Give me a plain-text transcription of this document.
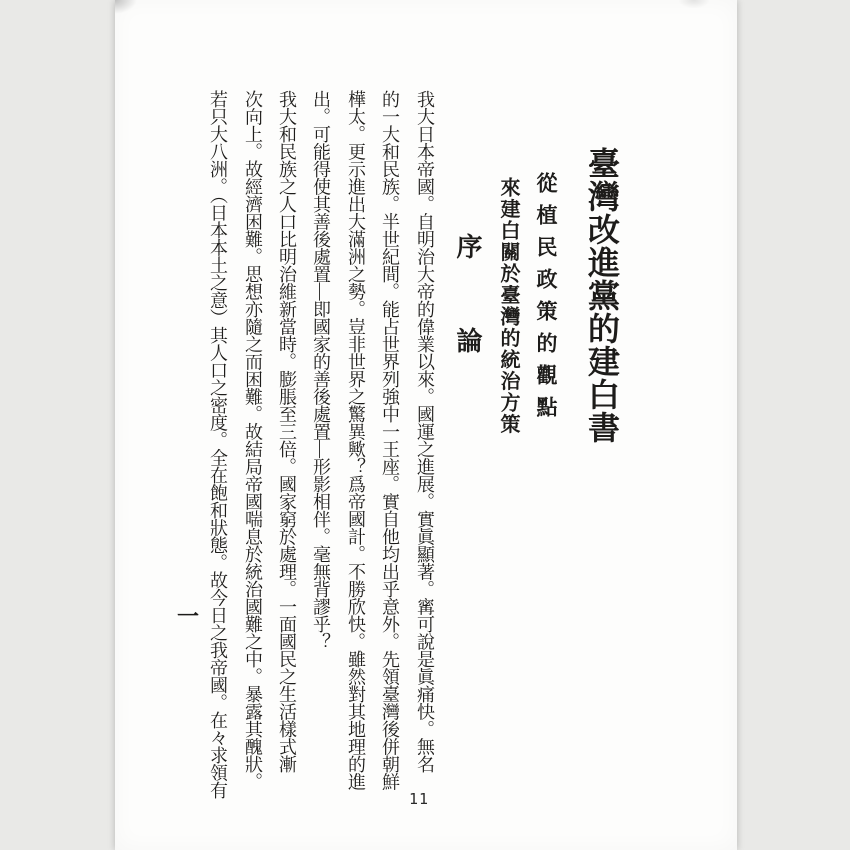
臺灣改進黨的建白書
從植民政策的觀點
來建白關於臺灣的統治方策
序
論
我大日本帝國。自明治大帝的偉業以來。國運之進展。實眞顯著。寗可說是眞痛快。無名
的一大和民族。半世紀間。能占世界列強中一王座。實自他均出乎意外。先領臺灣後併朝鮮
樺太。更示進出大滿洲之勢。豈非世界之驚異歟？爲帝國計。不勝欣快。雖然對其地理的進
出。可能得使其善後處置—即國家的善後處置—形影相伴。毫無背謬乎？
我大和民族之人口比明治維新當時。膨脹至三倍。國家窮於處理。一面國民之生活樣式漸
次向上。故經濟困難。思想亦隨之而困難。故結局帝國喘息於統治國難之中。暴露其醜狀。
若只大八洲。（日本本土之意）其人口之密度。全在飽和狀態。故今日之我帝國。在々求領有
一
11
